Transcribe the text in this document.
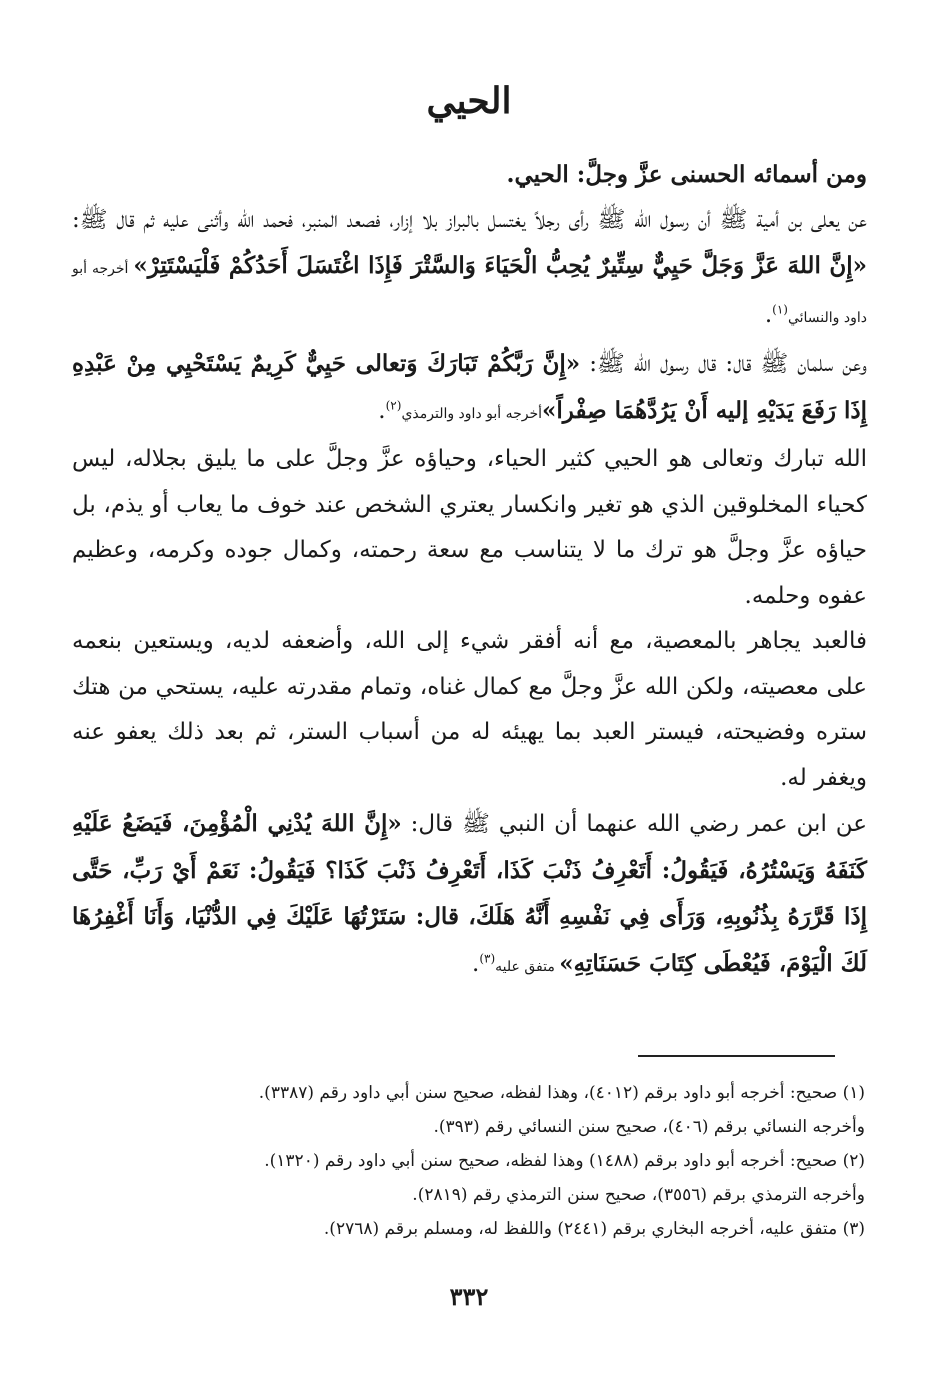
الحيي

ومن أسمائه الحسنى عزَّ وجلَّ: الحيي.

عن يعلى بن أمية ﷺ أن رسول الله ﷺ رأى رجلاً يغتسل بالبراز بلا إزار، فصعد المنبر، فحمد الله وأثنى عليه ثم قال ﷺ: «إِنَّ اللهَ عَزَّ وَجَلَّ حَيِيٌّ سِتِّيرٌ يُحِبُّ الْحَيَاءَ وَالسَّتْرَ فَإِذَا اغْتَسَلَ أَحَدُكُمْ فَلْيَسْتَتِرْ» أخرجه أبو داود والنسائي$^{(١)}$.

وعن سلمان ﷺ قال: قال رسول الله ﷺ: «إِنَّ رَبَّكُمْ تَبَارَكَ وَتعالى حَيِيٌّ كَرِيمٌ يَسْتَحْيِي مِنْ عَبْدِهِ إِذَا رَفَعَ يَدَيْهِ إليه أَنْ يَرُدَّهُمَا صِفْراً»أخرجه أبو داود والترمذي$^{(٢)}$.

الله تبارك وتعالى هو الحيي كثير الحياء، وحياؤه عزَّ وجلَّ على ما يليق بجلاله، ليس كحياء المخلوقين الذي هو تغير وانكسار يعتري الشخص عند خوف ما يعاب أو يذم، بل حياؤه عزَّ وجلَّ هو ترك ما لا يتناسب مع سعة رحمته، وكمال جوده وكرمه، وعظيم عفوه وحلمه.

فالعبد يجاهر بالمعصية، مع أنه أفقر شيء إلى الله، وأضعفه لديه، ويستعين بنعمه على معصيته، ولكن الله عزَّ وجلَّ مع كمال غناه، وتمام مقدرته عليه، يستحي من هتك ستره وفضيحته، فيستر العبد بما يهيئه له من أسباب الستر، ثم بعد ذلك يعفو عنه ويغفر له.

عن ابن عمر رضي الله عنهما أن النبي ﷺ قال: «إِنَّ اللهَ يُدْنِي الْمُؤْمِنَ، فَيَضَعُ عَلَيْهِ كَنَفَهُ وَيَسْتُرُهُ، فَيَقُولُ: أَتَعْرِفُ ذَنْبَ كَذَا، أَتَعْرِفُ ذَنْبَ كَذَا؟ فَيَقُولُ: نَعَمْ أَيْ رَبِّ، حَتَّى إِذَا قَرَّرَهُ بِذُنُوبِهِ، وَرَأَى فِي نَفْسِهِ أَنَّهُ هَلَكَ، قال: سَتَرْتُهَا عَلَيْكَ فِي الدُّنْيَا، وَأَنَا أَغْفِرُهَا لَكَ الْيَوْمَ، فَيُعْطَى كِتَابَ حَسَنَاتِهِ» متفق عليه$^{(٣)}$.

(١) صحيح: أخرجه أبو داود برقم (٤٠١٢)، وهذا لفظه، صحيح سنن أبي داود رقم (٣٣٨٧).
وأخرجه النسائي برقم (٤٠٦)، صحيح سنن النسائي رقم (٣٩٣).
(٢) صحيح: أخرجه أبو داود برقم (١٤٨٨) وهذا لفظه، صحيح سنن أبي داود رقم (١٣٢٠).
وأخرجه الترمذي برقم (٣٥٥٦)، صحيح سنن الترمذي رقم (٢٨١٩).
(٣) متفق عليه، أخرجه البخاري برقم (٢٤٤١) واللفظ له، ومسلم برقم (٢٧٦٨).
٣٣٢
